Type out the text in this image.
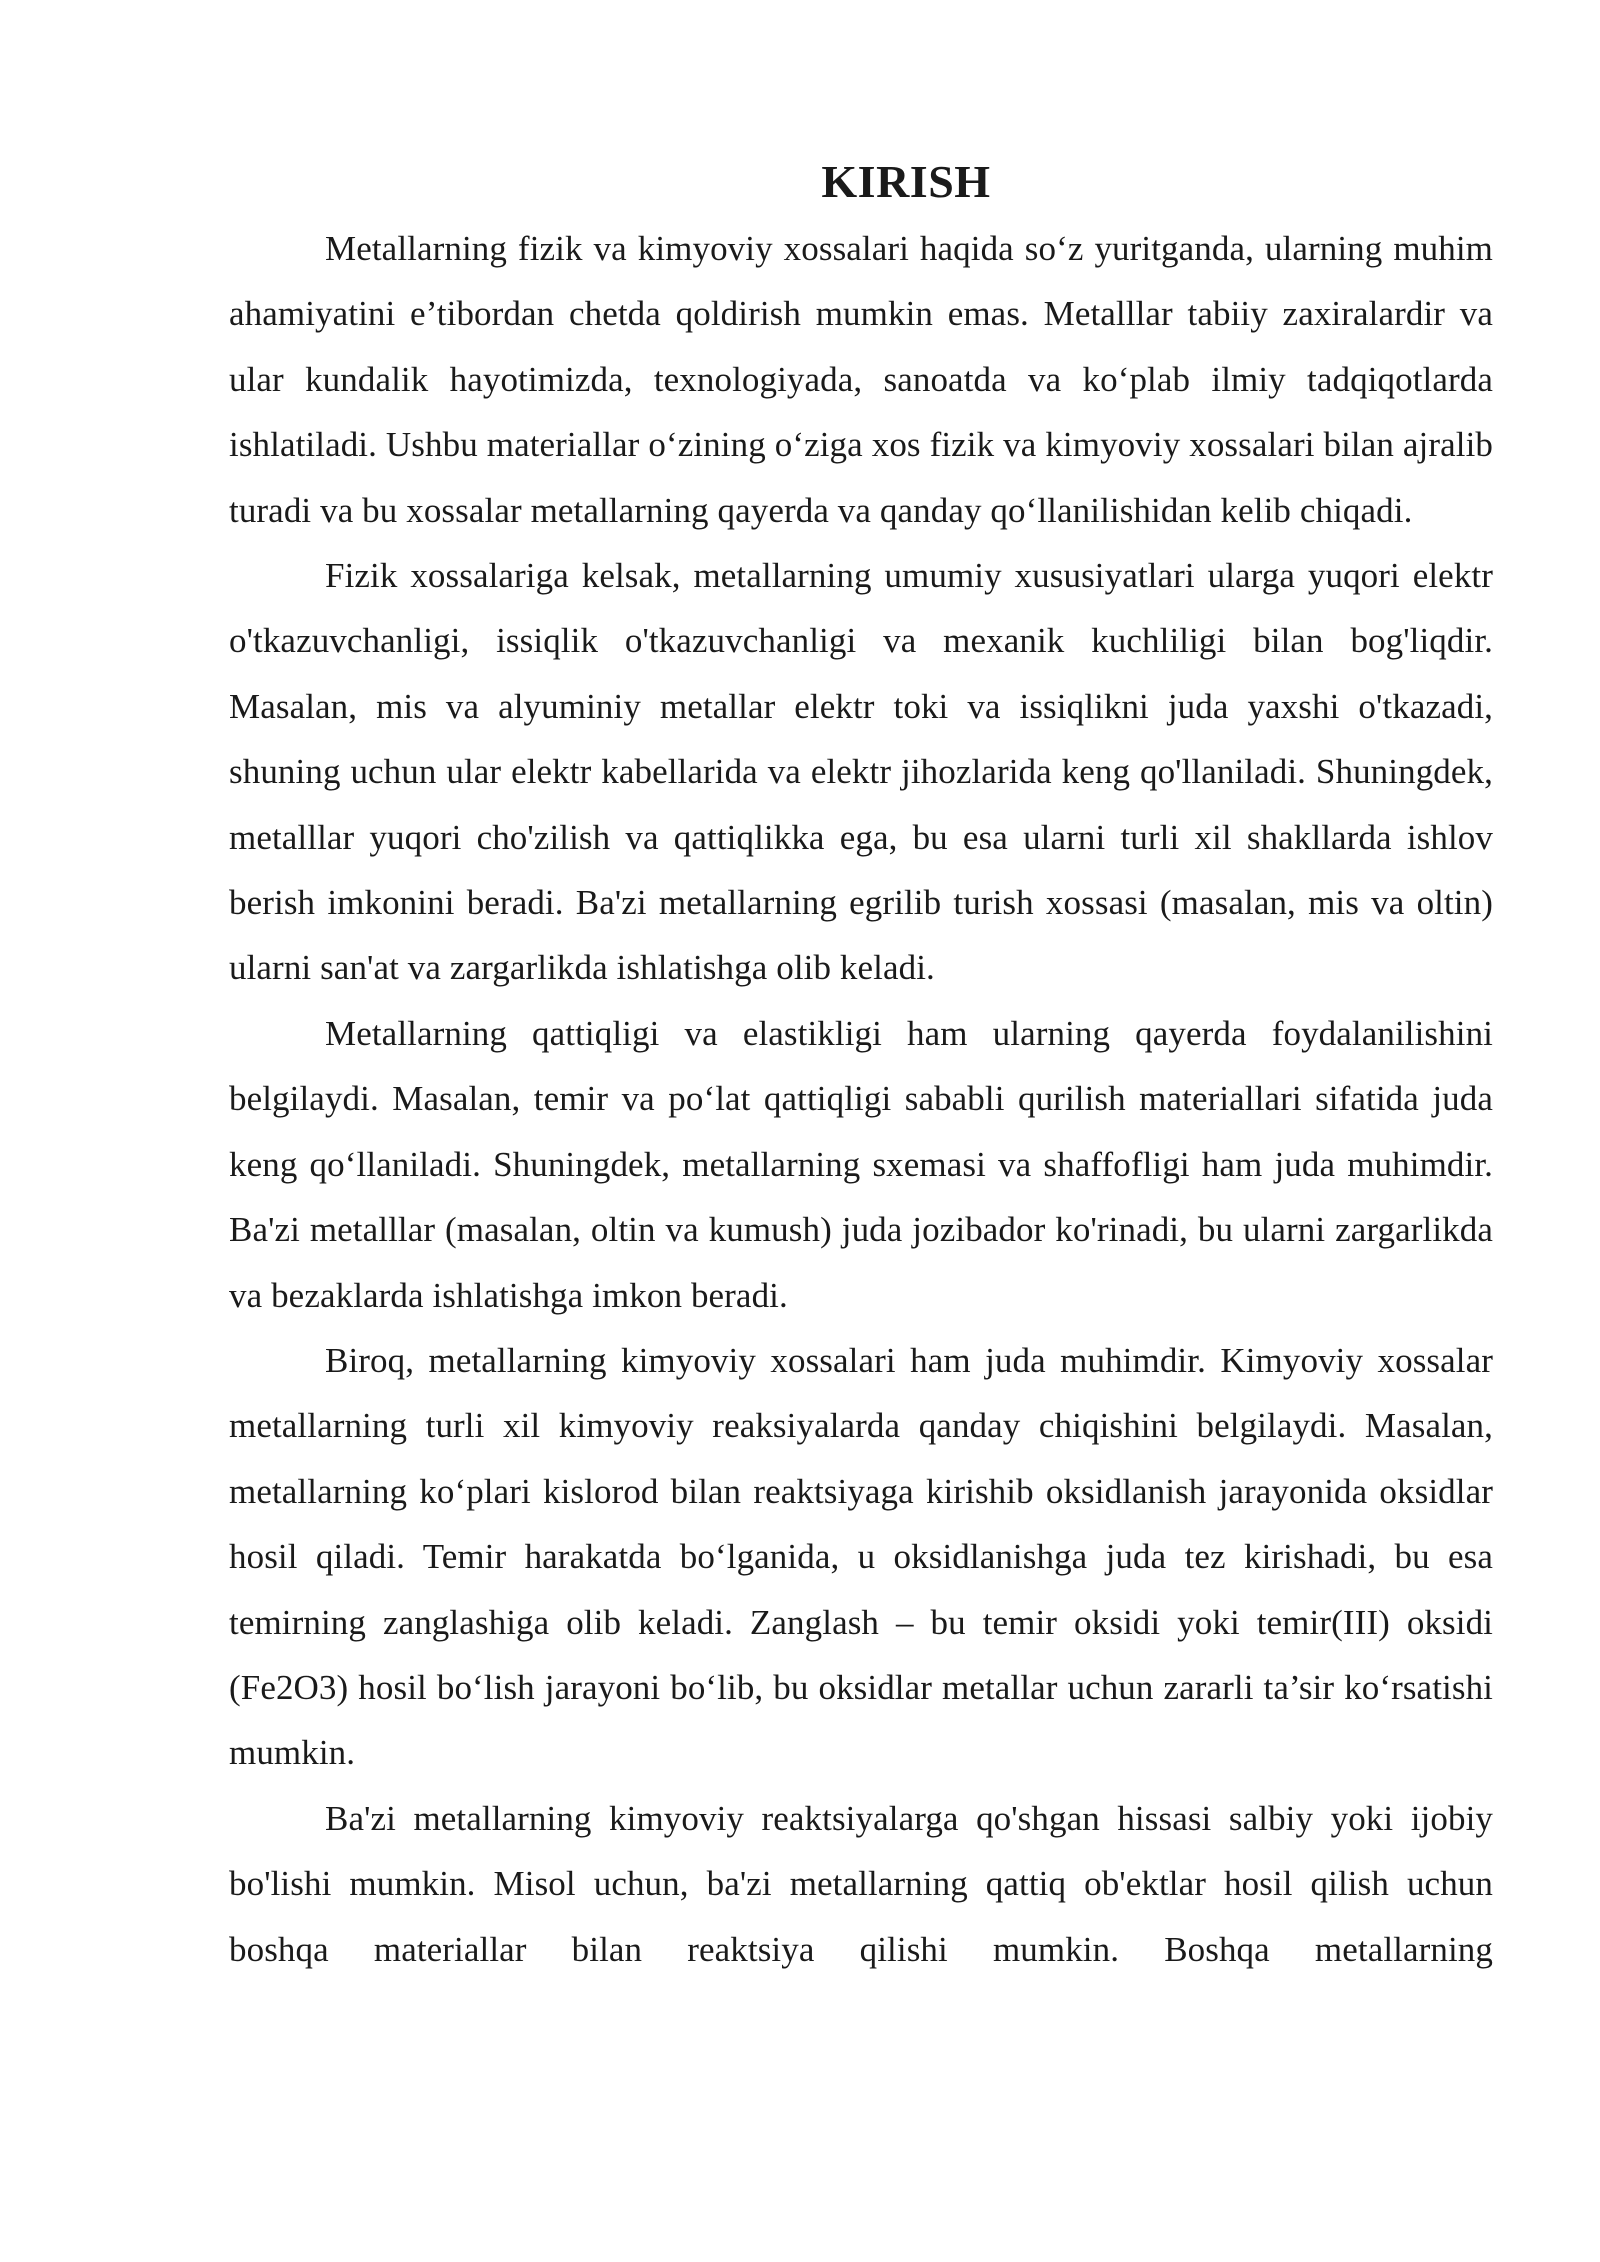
KIRISH

Metallarning fizik va kimyoviy xossalari haqida so‘z yuritganda, ularning muhim ahamiyatini e’tibordan chetda qoldirish mumkin emas. Metalllar tabiiy zaxiralardir va ular kundalik hayotimizda, texnologiyada, sanoatda va ko‘plab ilmiy tadqiqotlarda ishlatiladi. Ushbu materiallar o‘zining o‘ziga xos fizik va kimyoviy xossalari bilan ajralib turadi va bu xossalar metallarning qayerda va qanday qo‘llanilishidan kelib chiqadi.

Fizik xossalariga kelsak, metallarning umumiy xususiyatlari ularga yuqori elektr o'tkazuvchanligi, issiqlik o'tkazuvchanligi va mexanik kuchliligi bilan bog'liqdir. Masalan, mis va alyuminiy metallar elektr toki va issiqlikni juda yaxshi o'tkazadi, shuning uchun ular elektr kabellarida va elektr jihozlarida keng qo'llaniladi. Shuningdek, metalllar yuqori cho'zilish va qattiqlikka ega, bu esa ularni turli xil shakllarda ishlov berish imkonini beradi. Ba'zi metallarning egrilib turish xossasi (masalan, mis va oltin) ularni san'at va zargarlikda ishlatishga olib keladi.

Metallarning qattiqligi va elastikligi ham ularning qayerda foydalanilishini belgilaydi. Masalan, temir va po‘lat qattiqligi sababli qurilish materiallari sifatida juda keng qo‘llaniladi. Shuningdek, metallarning sxemasi va shaffofligi ham juda muhimdir. Ba'zi metalllar (masalan, oltin va kumush) juda jozibador ko'rinadi, bu ularni zargarlikda va bezaklarda ishlatishga imkon beradi.

Biroq, metallarning kimyoviy xossalari ham juda muhimdir. Kimyoviy xossalar metallarning turli xil kimyoviy reaksiyalarda qanday chiqishini belgilaydi. Masalan, metallarning ko‘plari kislorod bilan reaktsiyaga kirishib oksidlanish jarayonida oksidlar hosil qiladi. Temir harakatda bo‘lganida, u oksidlanishga juda tez kirishadi, bu esa temirning zanglashiga olib keladi. Zanglash – bu temir oksidi yoki temir(III) oksidi (Fe2O3) hosil bo‘lish jarayoni bo‘lib, bu oksidlar metallar uchun zararli ta’sir ko‘rsatishi mumkin.

Ba'zi metallarning kimyoviy reaktsiyalarga qo'shgan hissasi salbiy yoki ijobiy bo'lishi mumkin. Misol uchun, ba'zi metallarning qattiq ob'ektlar hosil qilish uchun boshqa materiallar bilan reaktsiya qilishi mumkin. Boshqa metallarning
